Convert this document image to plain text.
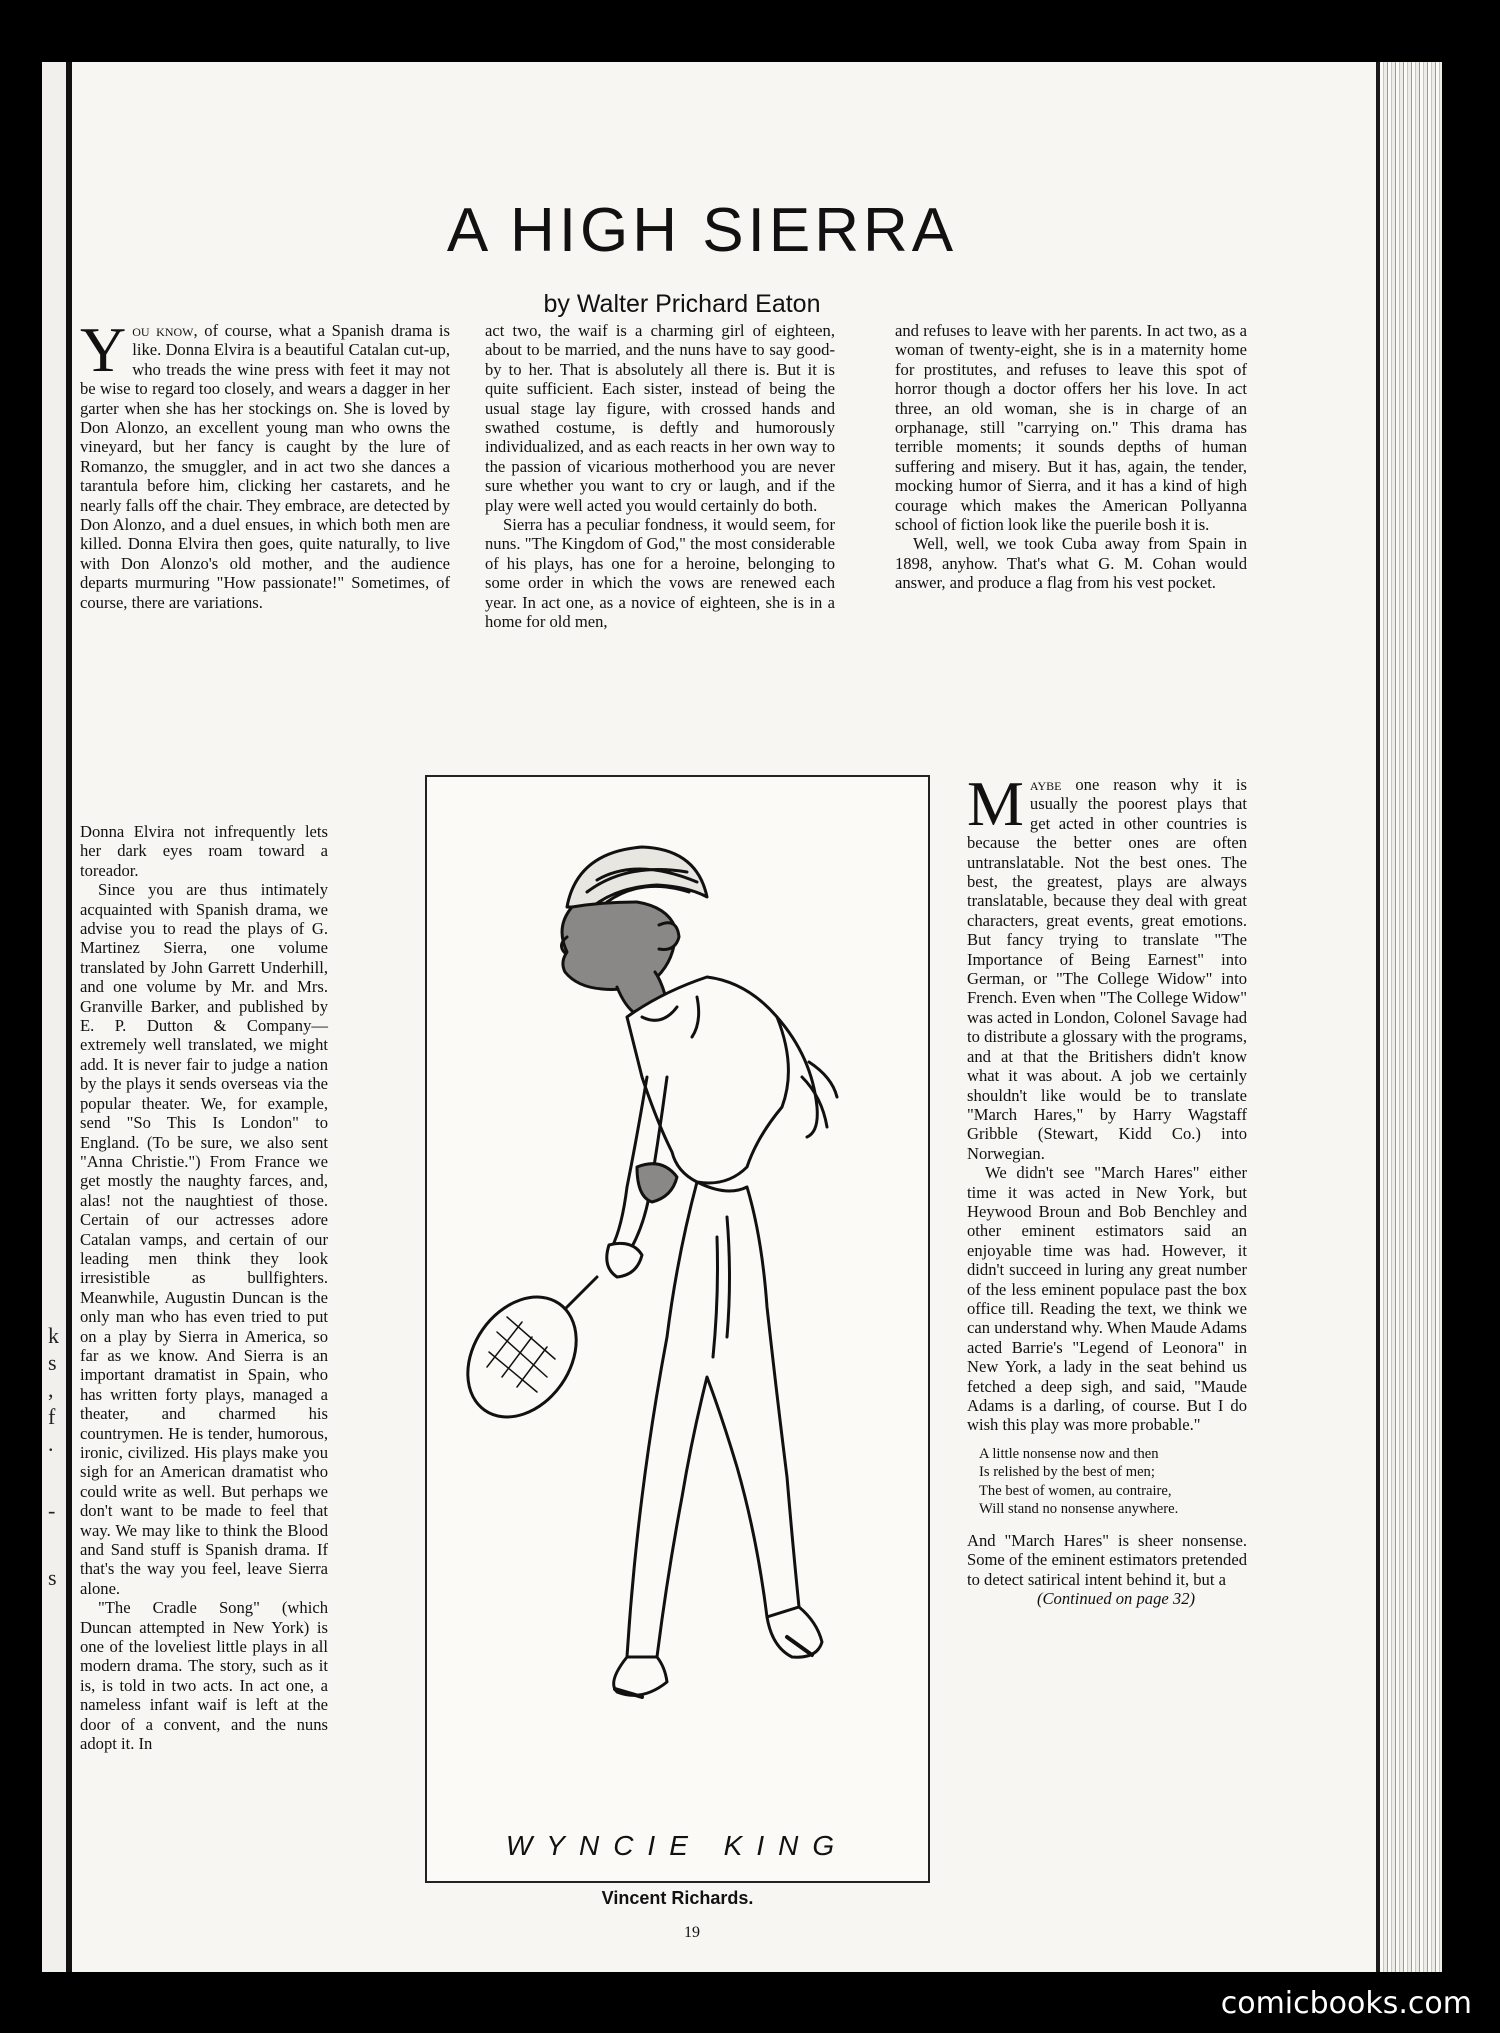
k
s
,
f
.
-
s
A HIGH SIERRA
by Walter Prichard Eaton

You know, of course, what a Spanish drama is like. Donna Elvira is a beautiful Catalan cut-up, who treads the wine press with feet it may not be wise to regard too closely, and wears a dagger in her garter when she has her stockings on. She is loved by Don Alonzo, an excellent young man who owns the vineyard, but her fancy is caught by the lure of Romanzo, the smuggler, and in act two she dances a tarantula before him, clicking her castarets, and he nearly falls off the chair. They embrace, are detected by Don Alonzo, and a duel ensues, in which both men are killed. Donna Elvira then goes, quite naturally, to live with Don Alonzo's old mother, and the audience departs murmuring "How passionate!" Sometimes, of course, there are variations.

Donna Elvira not infrequently lets her dark eyes roam toward a toreador.

Since you are thus intimately acquainted with Spanish drama, we advise you to read the plays of G. Martinez Sierra, one volume translated by John Garrett Underhill, and one volume by Mr. and Mrs. Granville Barker, and published by E. P. Dutton & Company—extremely well translated, we might add. It is never fair to judge a nation by the plays it sends overseas via the popular theater. We, for example, send "So This Is London" to England. (To be sure, we also sent "Anna Christie.") From France we get mostly the naughty farces, and, alas! not the naughtiest of those. Certain of our actresses adore Catalan vamps, and certain of our leading men think they look irresistible as bullfighters. Meanwhile, Augustin Duncan is the only man who has even tried to put on a play by Sierra in America, so far as we know. And Sierra is an important dramatist in Spain, who has written forty plays, managed a theater, and charmed his countrymen. He is tender, humorous, ironic, civilized. His plays make you sigh for an American dramatist who could write as well. But perhaps we don't want to be made to feel that way. We may like to think the Blood and Sand stuff is Spanish drama. If that's the way you feel, leave Sierra alone.

"The Cradle Song" (which Duncan attempted in New York) is one of the loveliest little plays in all modern drama. The story, such as it is, is told in two acts. In act one, a nameless infant waif is left at the door of a convent, and the nuns adopt it. In

act two, the waif is a charming girl of eighteen, about to be married, and the nuns have to say good-by to her. That is absolutely all there is. But it is quite sufficient. Each sister, instead of being the usual stage lay figure, with crossed hands and swathed costume, is deftly and humorously individualized, and as each reacts in her own way to the passion of vicarious motherhood you are never sure whether you want to cry or laugh, and if the play were well acted you would certainly do both.

Sierra has a peculiar fondness, it would seem, for nuns. "The Kingdom of God," the most considerable of his plays, has one for a heroine, belonging to some order in which the vows are renewed each year. In act one, as a novice of eighteen, she is in a home for old men,

and refuses to leave with her parents. In act two, as a woman of twenty-eight, she is in a maternity home for prostitutes, and refuses to leave this spot of horror though a doctor offers her his love. In act three, an old woman, she is in charge of an orphanage, still "carrying on." This drama has terrible moments; it sounds depths of human suffering and misery. But it has, again, the tender, mocking humor of Sierra, and it has a kind of high courage which makes the American Pollyanna school of fiction look like the puerile bosh it is.

Well, well, we took Cuba away from Spain in 1898, anyhow. That's what G. M. Cohan would answer, and produce a flag from his vest pocket.

WYNCIE KING
Vincent Richards.

Maybe one reason why it is usually the poorest plays that get acted in other countries is because the better ones are often untranslatable. Not the best ones. The best, the greatest, plays are always translatable, because they deal with great characters, great events, great emotions. But fancy trying to translate "The Importance of Being Earnest" into German, or "The College Widow" into French. Even when "The College Widow" was acted in London, Colonel Savage had to distribute a glossary with the programs, and at that the Britishers didn't know what it was about. A job we certainly shouldn't like would be to translate "March Hares," by Harry Wagstaff Gribble (Stewart, Kidd Co.) into Norwegian.

We didn't see "March Hares" either time it was acted in New York, but Heywood Broun and Bob Benchley and other eminent estimators said an enjoyable time was had. However, it didn't succeed in luring any great number of the less eminent populace past the box office till. Reading the text, we think we can understand why. When Maude Adams acted Barrie's "Legend of Leonora" in New York, a lady in the seat behind us fetched a deep sigh, and said, "Maude Adams is a darling, of course. But I do wish this play was more probable."

A little nonsense now and then
Is relished by the best of men;
The best of women, au contraire,
Will stand no nonsense anywhere.

And "March Hares" is sheer nonsense. Some of the eminent estimators pretended to detect satirical intent behind it, but a

(Continued on page 32)

19
comicbooks.com
